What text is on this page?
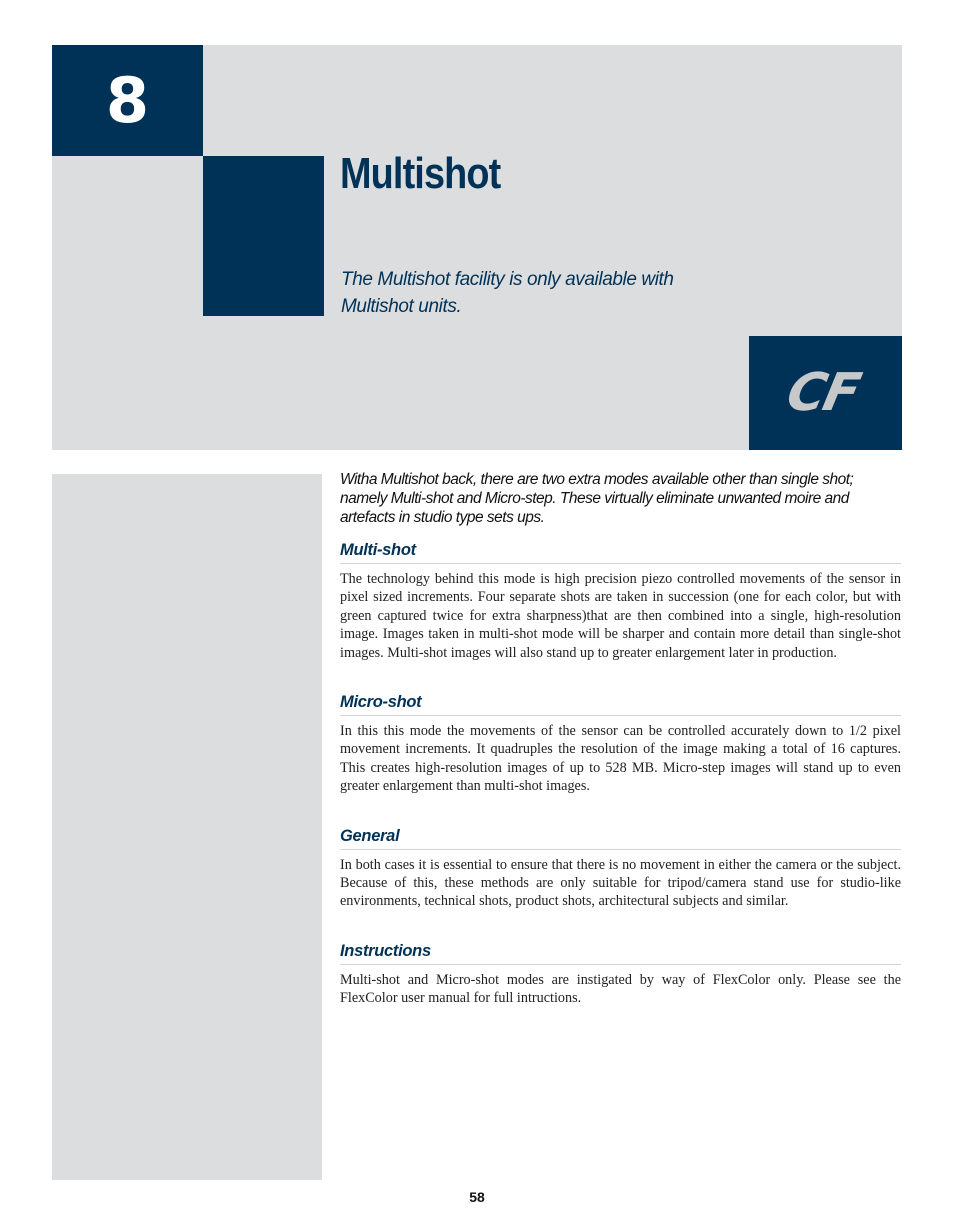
8
Multishot

The Multishot facility is only available with Multishot units.

CF

Witha Multishot back, there are two extra modes available other than single shot; namely Multi-shot and Micro-step. These virtually eliminate unwanted moire and artefacts in studio type sets ups.

Multi-shot

The technology behind this mode is high precision piezo controlled movements of the sensor in pixel sized increments. Four separate shots are taken in succession (one for each color, but with green captured twice for extra sharpness)that are then combined into a single, high-resolution image. Images taken in multi-shot mode will be sharper and contain more detail than single-shot images. Multi-shot images will also stand up to greater enlargement later in production.

Micro-shot

In this this mode the movements of the sensor can be controlled accurately down to 1/2 pixel movement increments. It quadruples the resolution of the image making a total of 16 captures. This creates high-resolution images of up to 528 MB. Micro-step images will stand up to even greater enlargement than multi-shot images.

General

In both cases it is essential to ensure that there is no movement in either the camera or the subject. Because of this, these methods are only suitable for tripod/camera stand use for studio-like environments, technical shots, product shots, architectural subjects and similar.

Instructions

Multi-shot and Micro-shot modes are instigated by way of FlexColor only. Please see the FlexColor user manual for full intructions.

58
